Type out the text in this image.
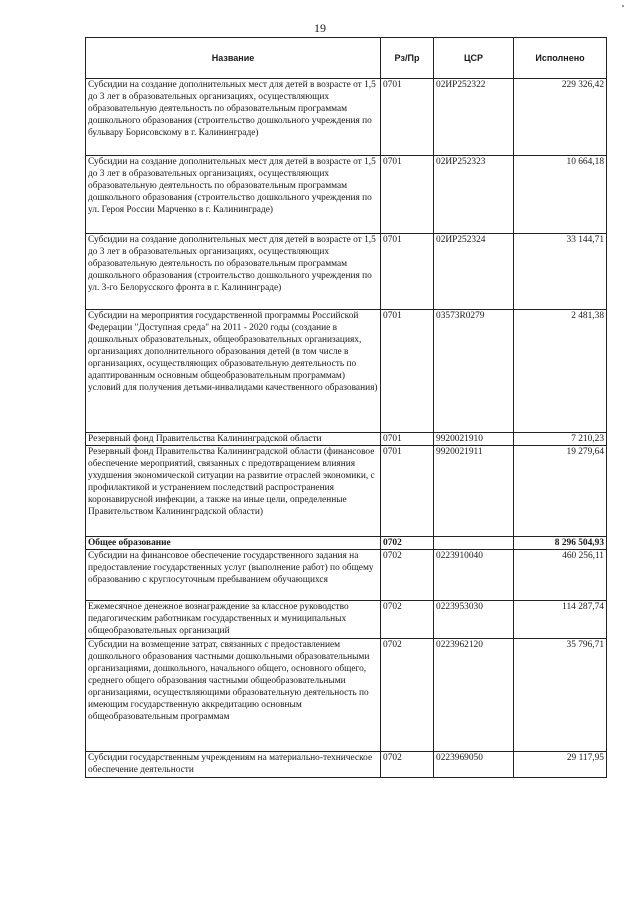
19
Название	Рз/Пр	ЦСР	Исполнено
Субсидии на создание дополнительных мест для детей в возрасте от 1,5 до 3 лет в образовательных организациях, осуществляющих образовательную деятельность по образовательным программам дошкольного образования (строительство дошкольного учреждения по бульвару Борисовскому в г. Калининграде)	0701	02ИР252322	229 326,42
Субсидии на создание дополнительных мест для детей в возрасте от 1,5 до 3 лет в образовательных организациях, осуществляющих образовательную деятельность по образовательным программам дошкольного образования (строительство дошкольного учреждения по ул. Героя России Марченко в г. Калининграде)	0701	02ИР252323	10 664,18
Субсидии на создание дополнительных мест для детей в возрасте от 1,5 до 3 лет в образовательных организациях, осуществляющих образовательную деятельность по образовательным программам дошкольного образования (строительство дошкольного учреждения по ул. 3-го Белорусского фронта в г. Калининграде)	0701	02ИР252324	33 144,71
Субсидии на мероприятия государственной программы Российской Федерации "Доступная среда" на 2011 - 2020 годы (создание в дошкольных образовательных, общеобразовательных организациях, организациях дополнительного образования детей (в том числе в организациях, осуществляющих образовательную деятельность по адаптированным основным общеобразовательным программам) условий для получения детьми-инвалидами качественного образования)	0701	03573R0279	2 481,38
Резервный фонд Правительства Калининградской области	0701	9920021910	7 210,23
Резервный фонд Правительства Калининградской области (финансовое обеспечение мероприятий, связанных с предотвращением влияния ухудшения экономической ситуации на развитие отраслей экономики, с профилактикой и устранением последствий распространения коронавирусной инфекции, а также на иные цели, определенные Правительством Калининградской области)	0701	9920021911	19 279,64
Общее образование	0702		8 296 504,93
Субсидии на финансовое обеспечение государственного задания на предоставление государственных услуг (выполнение работ) по общему образованию с круглосуточным пребыванием обучающихся	0702	0223910040	460 256,11
Ежемесячное денежное вознаграждение за классное руководство педагогическим работникам государственных и муниципальных общеобразовательных организаций	0702	0223953030	114 287,74
Субсидии на возмещение затрат, связанных с предоставлением дошкольного образования частными дошкольными образовательными организациями, дошкольного, начального общего, основного общего, среднего общего образования частными общеобразовательными организациями, осуществляющими образовательную деятельность по имеющим государственную аккредитацию основным общеобразовательным программам	0702	0223962120	35 796,71
Субсидии государственным учреждениям на материально-техническое обеспечение деятельности	0702	0223969050	29 117,95
